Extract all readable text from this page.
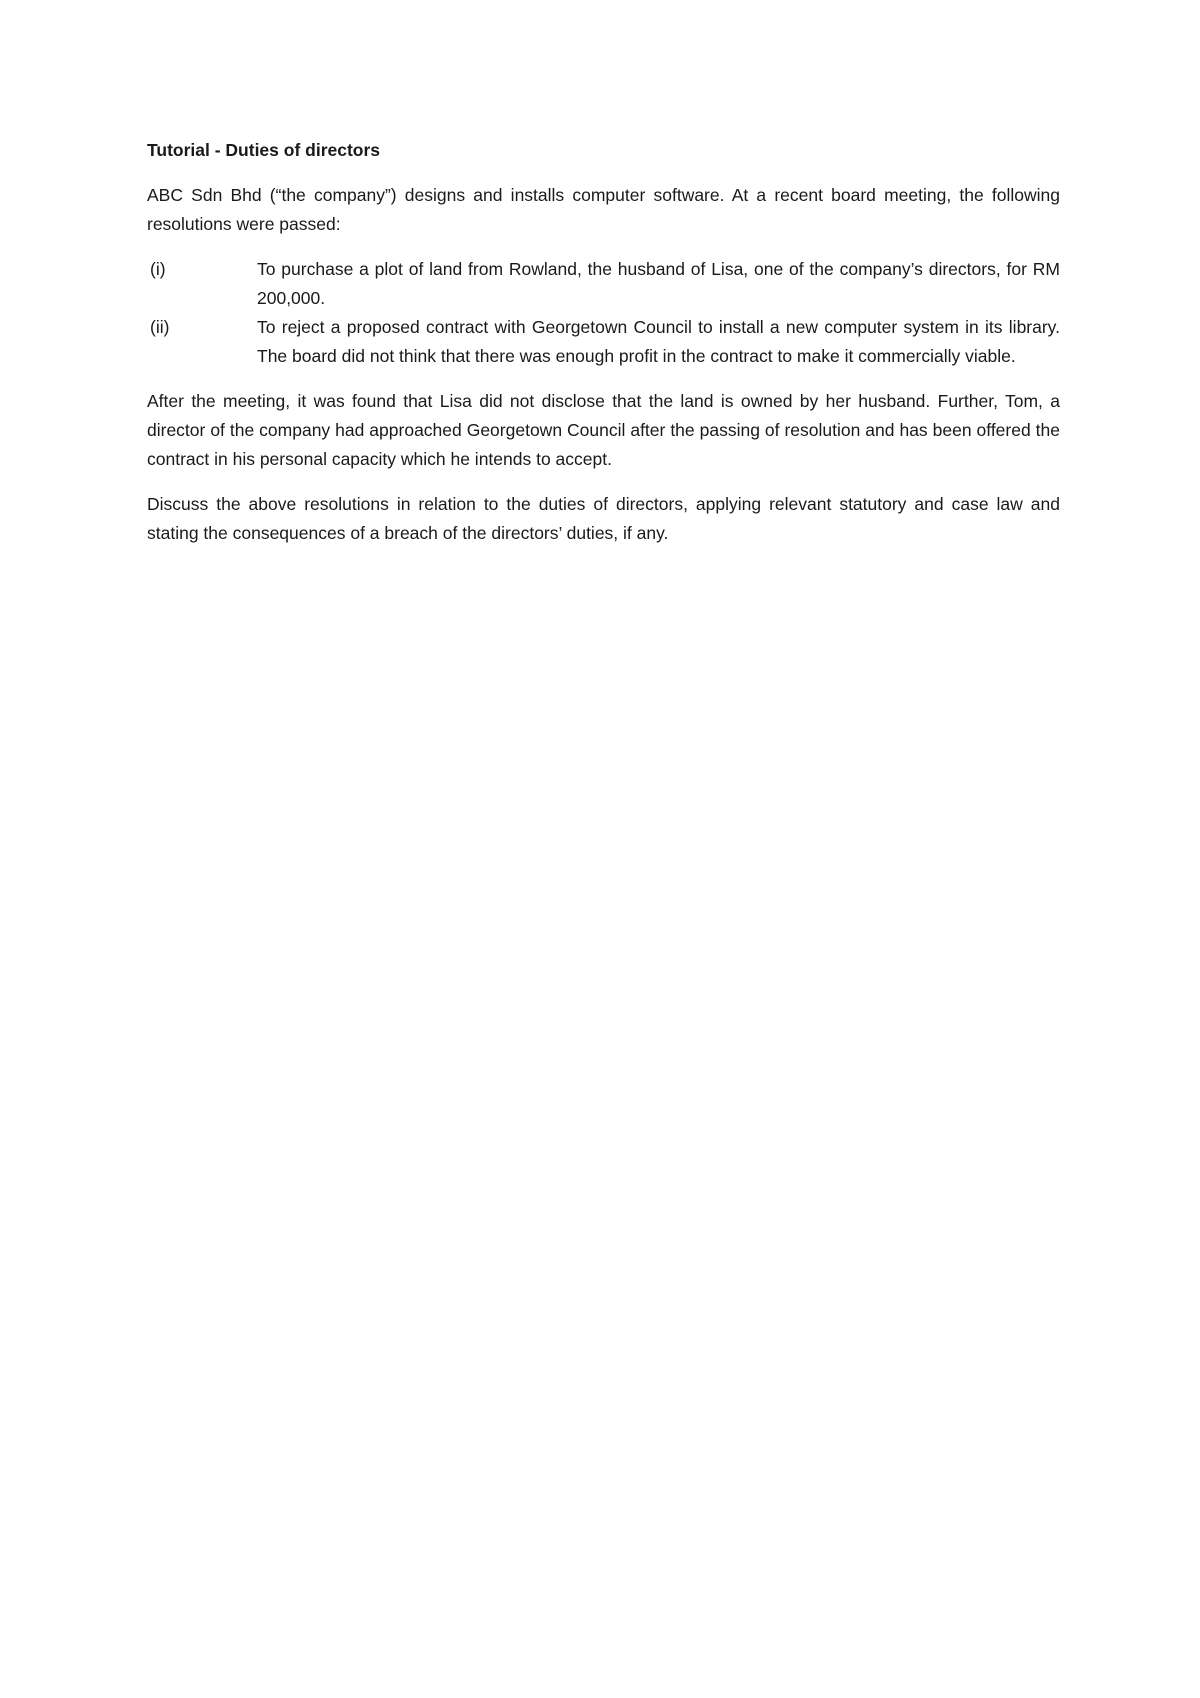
Tutorial - Duties of directors

ABC Sdn Bhd (“the company”) designs and installs computer software. At a recent board meeting, the following resolutions were passed:

(i)	To purchase a plot of land from Rowland, the husband of Lisa, one of the company’s directors, for RM 200,000.
(ii)	To reject a proposed contract with Georgetown Council to install a new computer system in its library. The board did not think that there was enough profit in the contract to make it commercially viable.

After the meeting, it was found that Lisa did not disclose that the land is owned by her husband. Further, Tom, a director of the company had approached Georgetown Council after the passing of resolution and has been offered the contract in his personal capacity which he intends to accept.

Discuss the above resolutions in relation to the duties of directors, applying relevant statutory and case law and stating the consequences of a breach of the directors’ duties, if any.
